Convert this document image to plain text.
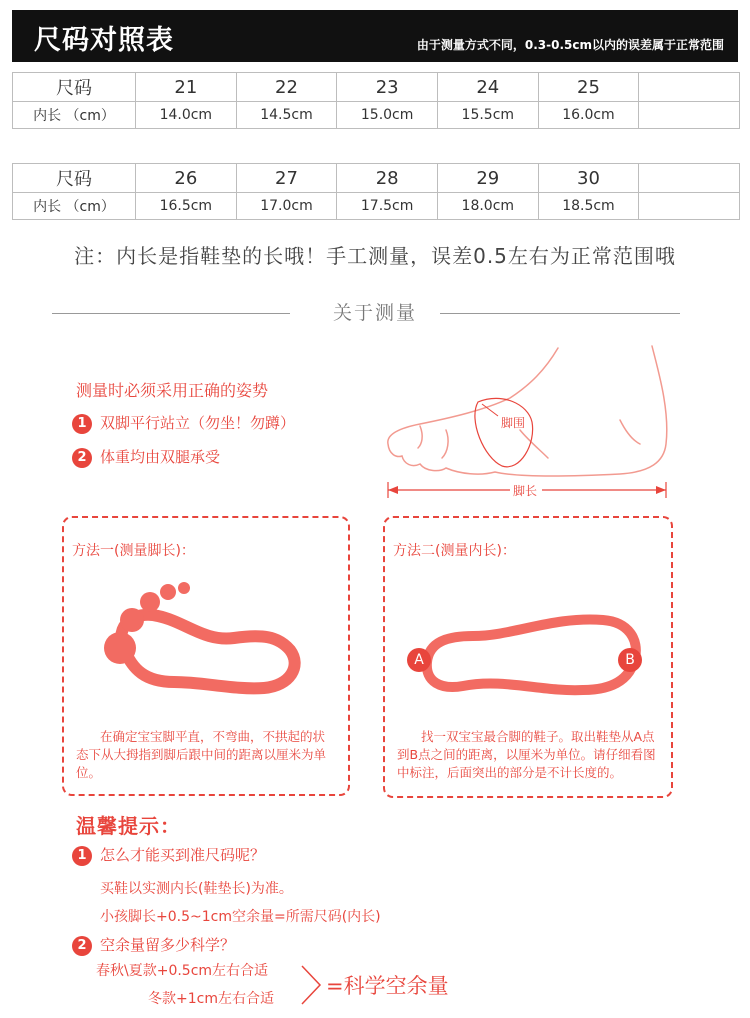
尺码对照表	由于测量方式不同，0.3-0.5cm以内的误差属于正常范围
尺码	21	22	23	24	25	
内长 （cm）	14.0cm	14.5cm	15.0cm	15.5cm	16.0cm	
尺码	26	27	28	29	30	
内长 （cm）	16.5cm	17.0cm	17.5cm	18.0cm	18.5cm	
注：内长是指鞋垫的长哦！手工测量，误差0.5左右为正常范围哦
关于测量
测量时必须采用正确的姿势
1 双脚平行站立（勿坐！勿蹲）
2 体重均由双腿承受
脚围
脚长
方法一(测量脚长)：
在确定宝宝脚平直，不弯曲，不拱起的状态下从大拇指到脚后跟中间的距离以厘米为单位。
方法二(测量内长)：
A	B
找一双宝宝最合脚的鞋子。取出鞋垫从A点到B点之间的距离，以厘米为单位。请仔细看图中标注，后面突出的部分是不计长度的。
温馨提示：
1 怎么才能买到准尺码呢？
买鞋以实测内长(鞋垫长)为准。
小孩脚长+0.5~1cm空余量=所需尺码(内长)
2 空余量留多少科学？
春秋\夏款+0.5cm左右合适
冬款+1cm左右合适
=科学空余量
